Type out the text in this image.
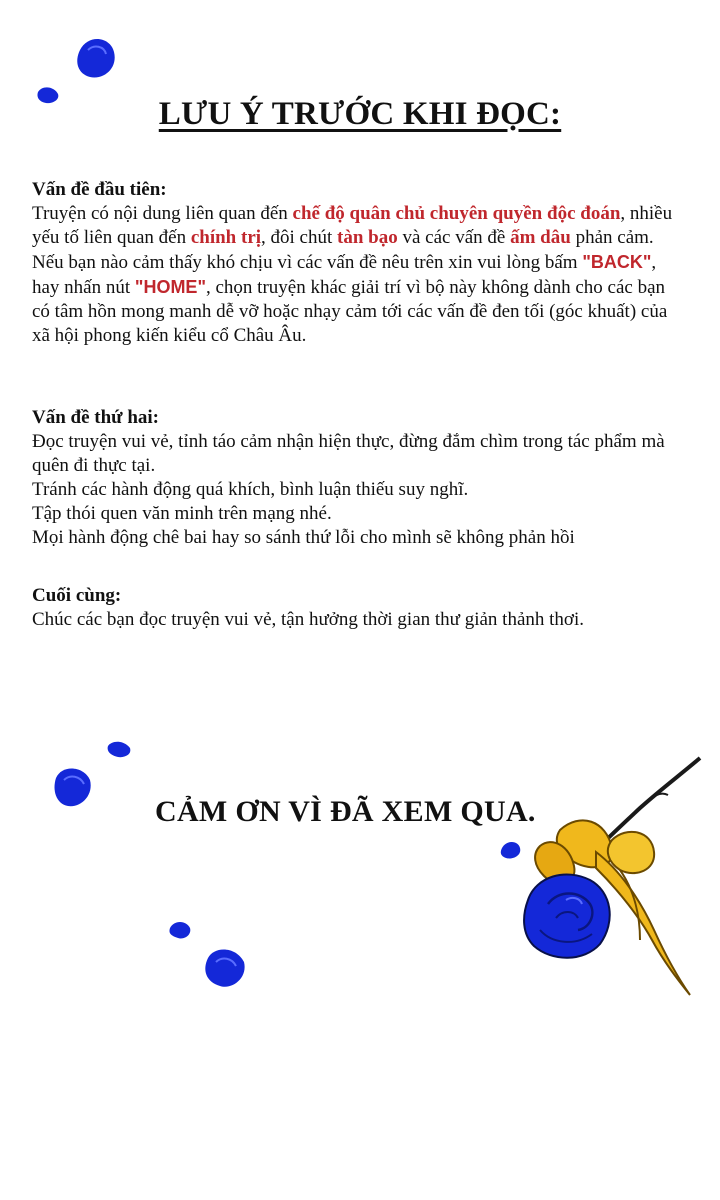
LƯU Ý TRƯỚC KHI ĐỌC:

Vấn đề đầu tiên:

Truyện có nội dung liên quan đến chế độ quân chủ chuyên quyền độc đoán, nhiều yếu tố liên quan đến chính trị, đôi chút tàn bạo và các vấn đề ấm dâu phản cảm. Nếu bạn nào cảm thấy khó chịu vì các vấn đề nêu trên xin vui lòng bấm "BACK", hay nhấn nút "HOME", chọn truyện khác giải trí vì bộ này không dành cho các bạn có tâm hồn mong manh dễ vỡ hoặc nhạy cảm tới các vấn đề đen tối (góc khuất) của xã hội phong kiến kiểu cổ Châu Âu.

Vấn đề thứ hai:

Đọc truyện vui vẻ, tỉnh táo cảm nhận hiện thực, đừng đắm chìm trong tác phẩm mà quên đi thực tại.

Tránh các hành động quá khích, bình luận thiếu suy nghĩ.

Tập thói quen văn minh trên mạng nhé.

Mọi hành động chê bai hay so sánh thứ lỗi cho mình sẽ không phản hồi

Cuối cùng:

Chúc các bạn đọc truyện vui vẻ, tận hưởng thời gian thư giản thảnh thơi.

CẢM ƠN VÌ ĐÃ XEM QUA.
